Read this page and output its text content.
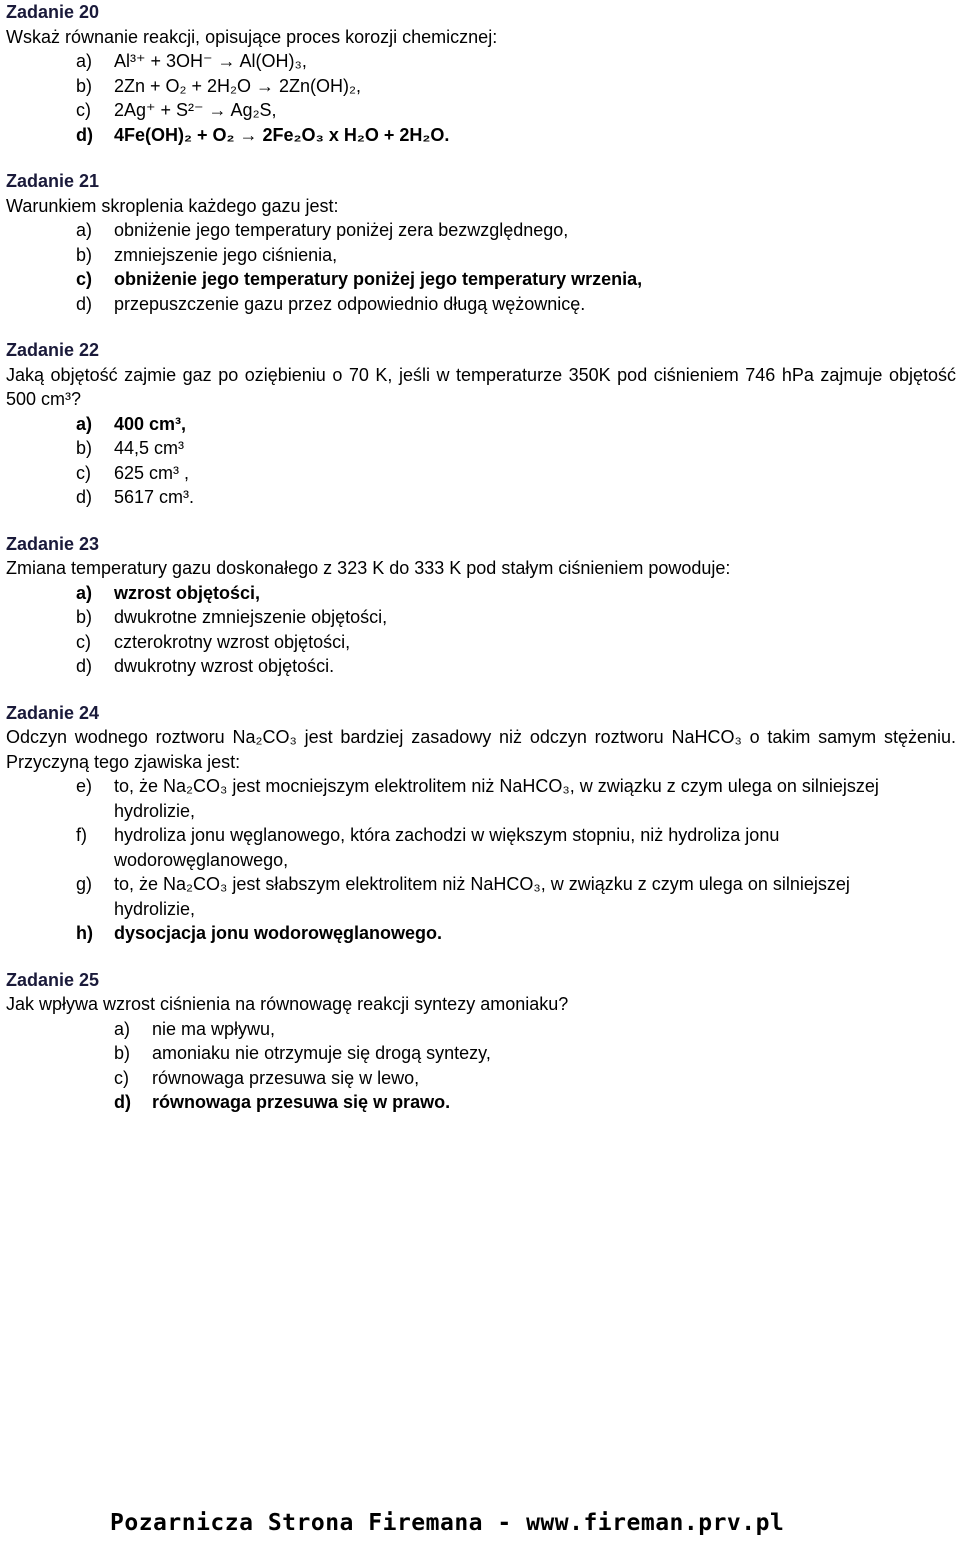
Zadanie 20

Wskaż równanie reakcji, opisujące proces korozji chemicznej:

a)	Al³⁺ + 3OH⁻ → Al(OH)₃,
b)	2Zn + O₂ + 2H₂O → 2Zn(OH)₂,
c)	2Ag⁺ + S²⁻ → Ag₂S,
d)	4Fe(OH)₂ + O₂ → 2Fe₂O₃ x H₂O + 2H₂O.

Zadanie 21

Warunkiem skroplenia każdego gazu jest:

a)	obniżenie jego temperatury poniżej zera bezwzględnego,
b)	zmniejszenie jego ciśnienia,
c)	obniżenie jego temperatury poniżej jego temperatury wrzenia,
d)	przepuszczenie gazu przez odpowiednio długą wężownicę.

Zadanie 22

Jaką objętość zajmie gaz po oziębieniu o 70 K, jeśli w temperaturze 350K pod ciśnieniem 746 hPa zajmuje objętość 500 cm³?

a)	400 cm³,
b)	44,5 cm³
c)	625 cm³ ,
d)	5617 cm³.

Zadanie 23

Zmiana temperatury gazu doskonałego z 323 K do 333 K pod stałym ciśnieniem powoduje:

a)	wzrost objętości,
b)	dwukrotne zmniejszenie objętości,
c)	czterokrotny wzrost objętości,
d)	dwukrotny wzrost objętości.

Zadanie 24

Odczyn wodnego roztworu Na₂CO₃ jest bardziej zasadowy niż odczyn roztworu NaHCO₃ o takim samym stężeniu. Przyczyną tego zjawiska jest:

e)	to, że Na₂CO₃ jest mocniejszym elektrolitem niż NaHCO₃, w związku z czym ulega on silniejszej hydrolizie,
f)	hydroliza jonu węglanowego, która zachodzi w większym stopniu, niż hydroliza jonu wodorowęglanowego,
g)	to, że Na₂CO₃ jest słabszym elektrolitem niż NaHCO₃, w związku z czym ulega on silniejszej hydrolizie,
h)	dysocjacja jonu wodorowęglanowego.

Zadanie 25

Jak wpływa wzrost ciśnienia na równowagę reakcji syntezy amoniaku?

a)	nie ma wpływu,
b)	amoniaku nie otrzymuje się drogą syntezy,
c)	równowaga przesuwa się w lewo,
d)	równowaga przesuwa się w prawo.
Pozarnicza Strona Firemana - www.fireman.prv.pl
